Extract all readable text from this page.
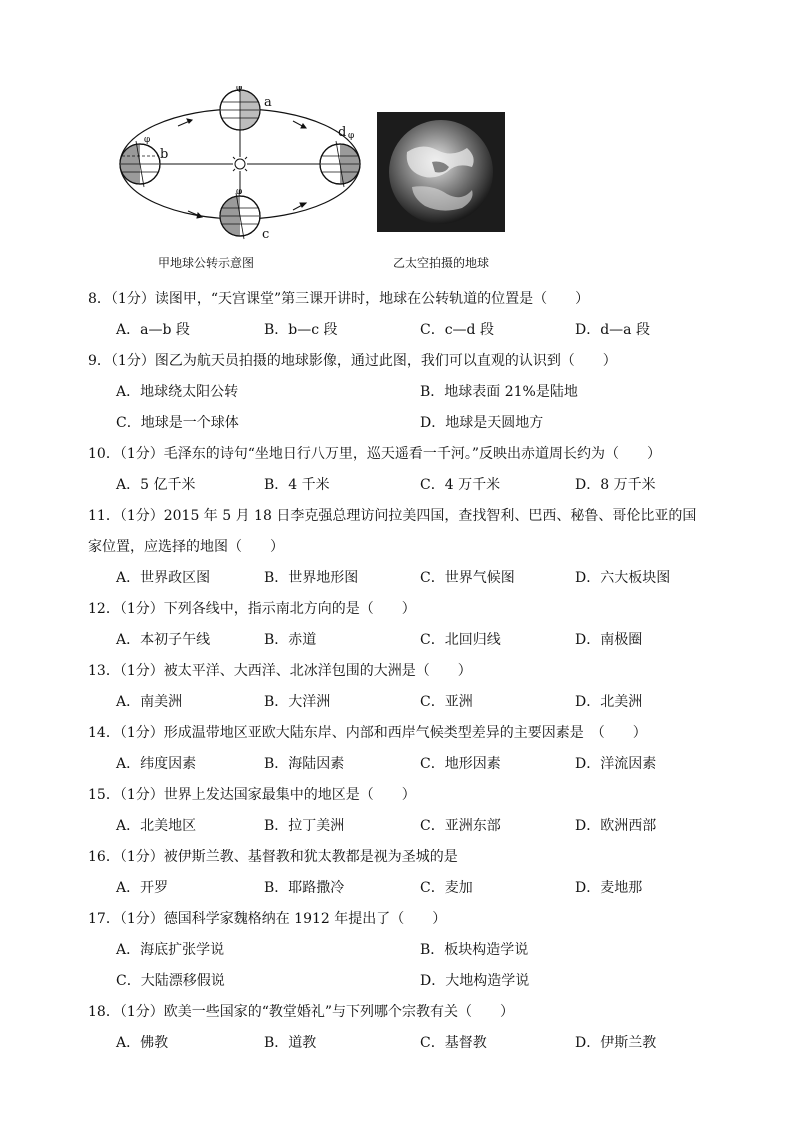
a
φ
b
φ
c
φ
d φ
甲地球公转示意图	乙太空拍摄的地球
8．（1分）读图甲，“天宫课堂”第三课开讲时，地球在公转轨道的位置是（　　）
A．a—b 段	B．b—c 段	C．c—d 段	D．d—a 段
9．（1分）图乙为航天员拍摄的地球影像，通过此图，我们可以直观的认识到（　　）
A．地球绕太阳公转	B．地球表面 21%是陆地
C．地球是一个球体	D．地球是天圆地方
10．（1分）毛泽东的诗句“坐地日行八万里，巡天遥看一千河。”反映出赤道周长约为（　　）
A．5 亿千米	B．4 千米	C．4 万千米	D．8 万千米
11．（1分）2015 年 5 月 18 日李克强总理访问拉美四国，查找智利、巴西、秘鲁、哥伦比亚的国家位置，应选择的地图（　　）
A．世界政区图	B．世界地形图	C．世界气候图	D．六大板块图
12．（1分）下列各线中，指示南北方向的是（　　）
A．本初子午线	B．赤道	C．北回归线	D．南极圈
13．（1分）被太平洋、大西洋、北冰洋包围的大洲是（　　）
A．南美洲	B．大洋洲	C．亚洲	D．北美洲
14．（1分）形成温带地区亚欧大陆东岸、内部和西岸气候类型差异的主要因素是　（　　）
A．纬度因素	B．海陆因素	C．地形因素	D．洋流因素
15．（1分）世界上发达国家最集中的地区是（　　）
A．北美地区	B．拉丁美洲	C．亚洲东部	D．欧洲西部
16．（1分）被伊斯兰教、基督教和犹太教都是视为圣城的是
A．开罗	B．耶路撒冷	C．麦加	D．麦地那
17．（1分）德国科学家魏格纳在 1912 年提出了（　　）
A．海底扩张学说	B．板块构造学说
C．大陆漂移假说	D．大地构造学说
18．（1分）欧美一些国家的“教堂婚礼”与下列哪个宗教有关（　　）
A．佛教	B．道教	C．基督教	D．伊斯兰教
